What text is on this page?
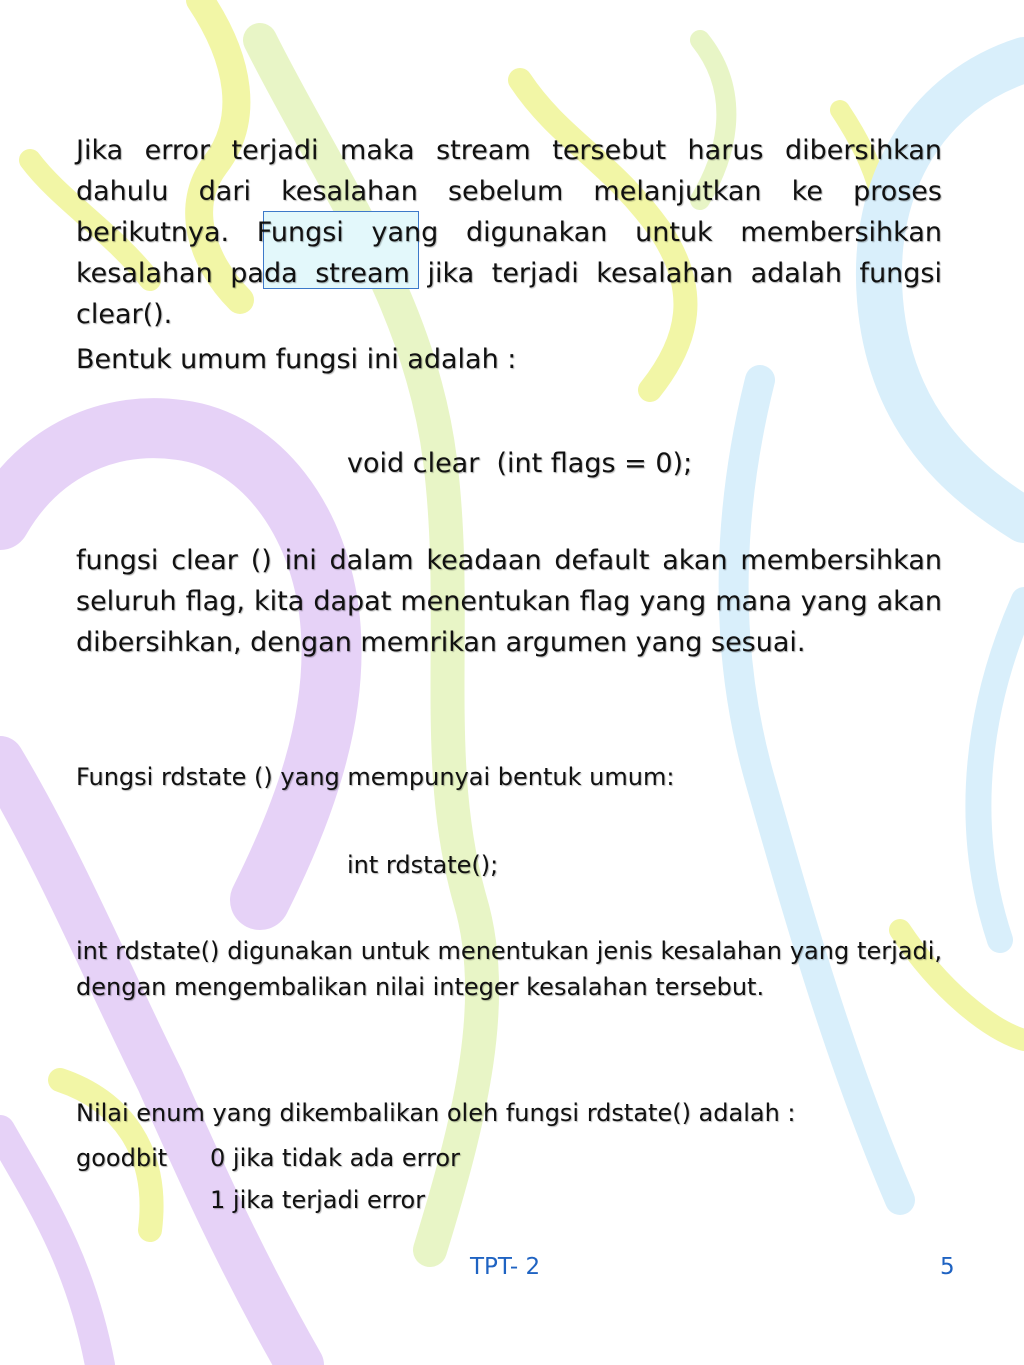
Jika error terjadi maka stream tersebut harus dibersihkan dahulu dari kesalahan sebelum melanjutkan ke proses berikutnya. Fungsi yang digunakan untuk membersihkan kesalahan pada stream jika terjadi kesalahan adalah fungsi clear().
Bentuk umum fungsi ini adalah :
void clear  (int flags = 0);
fungsi clear () ini dalam keadaan default akan membersihkan seluruh flag, kita dapat menentukan flag yang mana yang akan dibersihkan, dengan memrikan argumen yang sesuai.
Fungsi rdstate () yang mempunyai bentuk umum:
int rdstate();
int rdstate() digunakan untuk menentukan jenis kesalahan yang terjadi, dengan mengembalikan nilai integer kesalahan tersebut.
Nilai enum yang dikembalikan oleh fungsi rdstate() adalah :
goodbit 0 jika tidak ada error
1 jika terjadi error
TPT- 2	5
